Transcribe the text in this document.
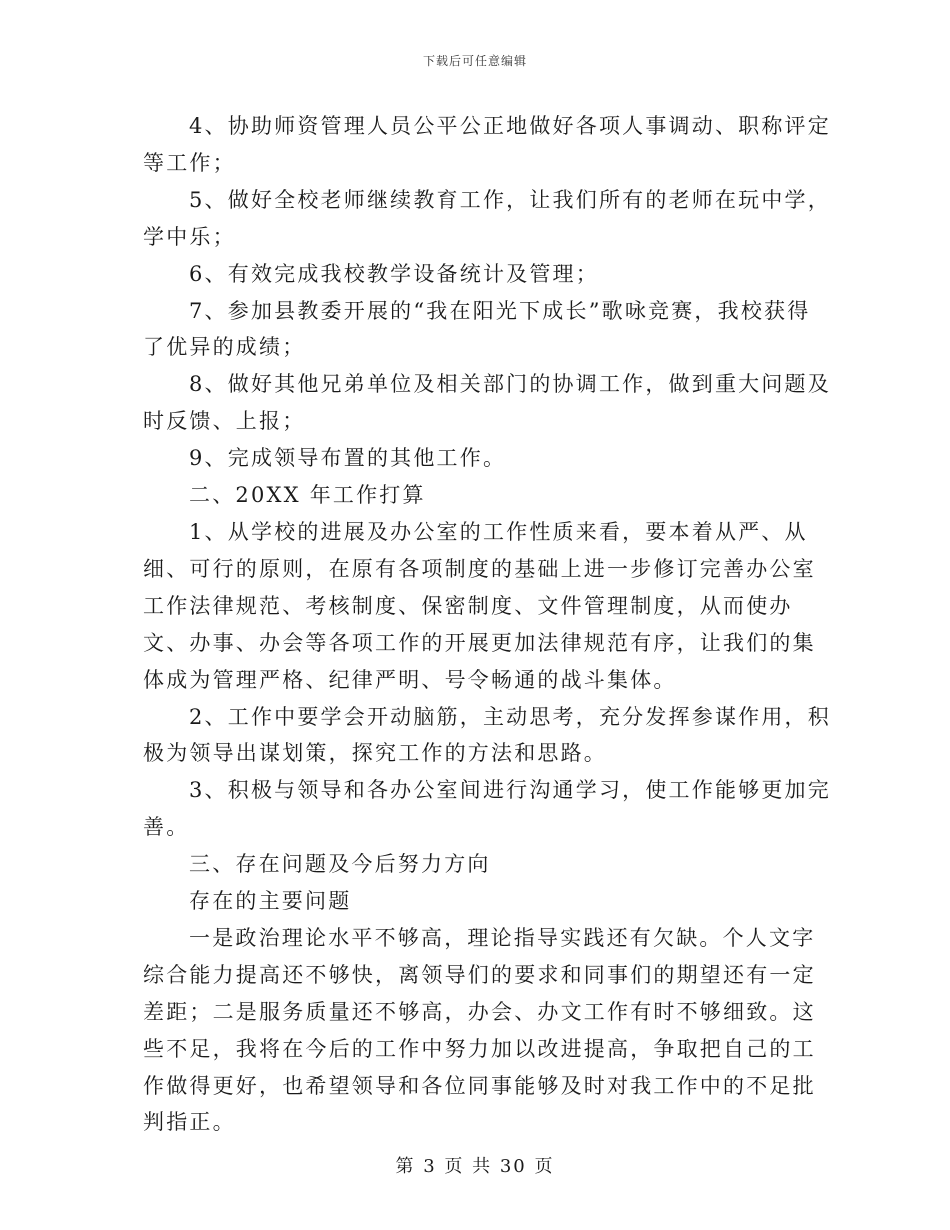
下载后可任意编辑

4、协助师资管理人员公平公正地做好各项人事调动、职称评定等工作；

5、做好全校老师继续教育工作，让我们所有的老师在玩中学，学中乐；

6、有效完成我校教学设备统计及管理；

7、参加县教委开展的“我在阳光下成长”歌咏竞赛，我校获得了优异的成绩；

8、做好其他兄弟单位及相关部门的协调工作，做到重大问题及时反馈、上报；

9、完成领导布置的其他工作。

二、20XX 年工作打算

1、从学校的进展及办公室的工作性质来看，要本着从严、从细、可行的原则，在原有各项制度的基础上进一步修订完善办公室工作法律规范、考核制度、保密制度、文件管理制度，从而使办文、办事、办会等各项工作的开展更加法律规范有序，让我们的集体成为管理严格、纪律严明、号令畅通的战斗集体。

2、工作中要学会开动脑筋，主动思考，充分发挥参谋作用，积极为领导出谋划策，探究工作的方法和思路。

3、积极与领导和各办公室间进行沟通学习，使工作能够更加完善。

三、存在问题及今后努力方向

存在的主要问题

一是政治理论水平不够高，理论指导实践还有欠缺。个人文字综合能力提高还不够快，离领导们的要求和同事们的期望还有一定差距；二是服务质量还不够高，办会、办文工作有时不够细致。这些不足，我将在今后的工作中努力加以改进提高，争取把自己的工作做得更好，也希望领导和各位同事能够及时对我工作中的不足批判指正。

第 3 页 共 30 页
